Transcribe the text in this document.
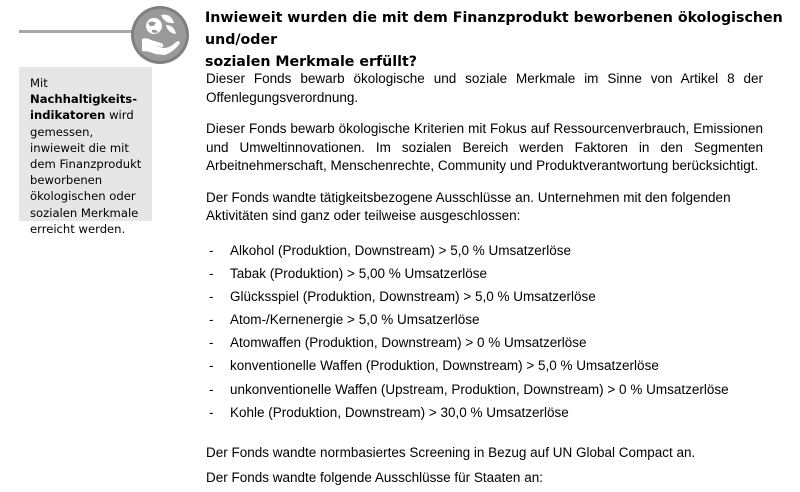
Mit Nachhaltigkeits-
indikatoren wird gemessen, inwieweit die mit dem Finanzprodukt beworbenen ökologischen oder sozialen Merkmale erreicht werden.

Inwieweit wurden die mit dem Finanzprodukt beworbenen ökologischen und/oder
sozialen Merkmale erfüllt?

Dieser Fonds bewarb ökologische und soziale Merkmale im Sinne von Artikel 8 der Offenlegungsverordnung.

Dieser Fonds bewarb ökologische Kriterien mit Fokus auf Ressourcenverbrauch, Emissionen und Umweltinnovationen. Im sozialen Bereich werden Faktoren in den Segmenten Arbeitnehmerschaft, Menschenrechte, Community und Produktverantwortung berücksichtigt.

Der Fonds wandte tätigkeitsbezogene Ausschlüsse an. Unternehmen mit den folgenden Aktivitäten sind ganz oder teilweise ausgeschlossen:

- Alkohol (Produktion, Downstream) > 5,0 % Umsatzerlöse
- Tabak (Produktion) > 5,00 % Umsatzerlöse
- Glücksspiel (Produktion, Downstream) > 5,0 % Umsatzerlöse
- Atom-/Kernenergie > 5,0 % Umsatzerlöse
- Atomwaffen (Produktion, Downstream) > 0 % Umsatzerlöse
- konventionelle Waffen (Produktion, Downstream) > 5,0 % Umsatzerlöse
- unkonventionelle Waffen (Upstream, Produktion, Downstream) > 0 % Umsatzerlöse
- Kohle (Produktion, Downstream) > 30,0 % Umsatzerlöse

Der Fonds wandte normbasiertes Screening in Bezug auf UN Global Compact an.

Der Fonds wandte folgende Ausschlüsse für Staaten an:
